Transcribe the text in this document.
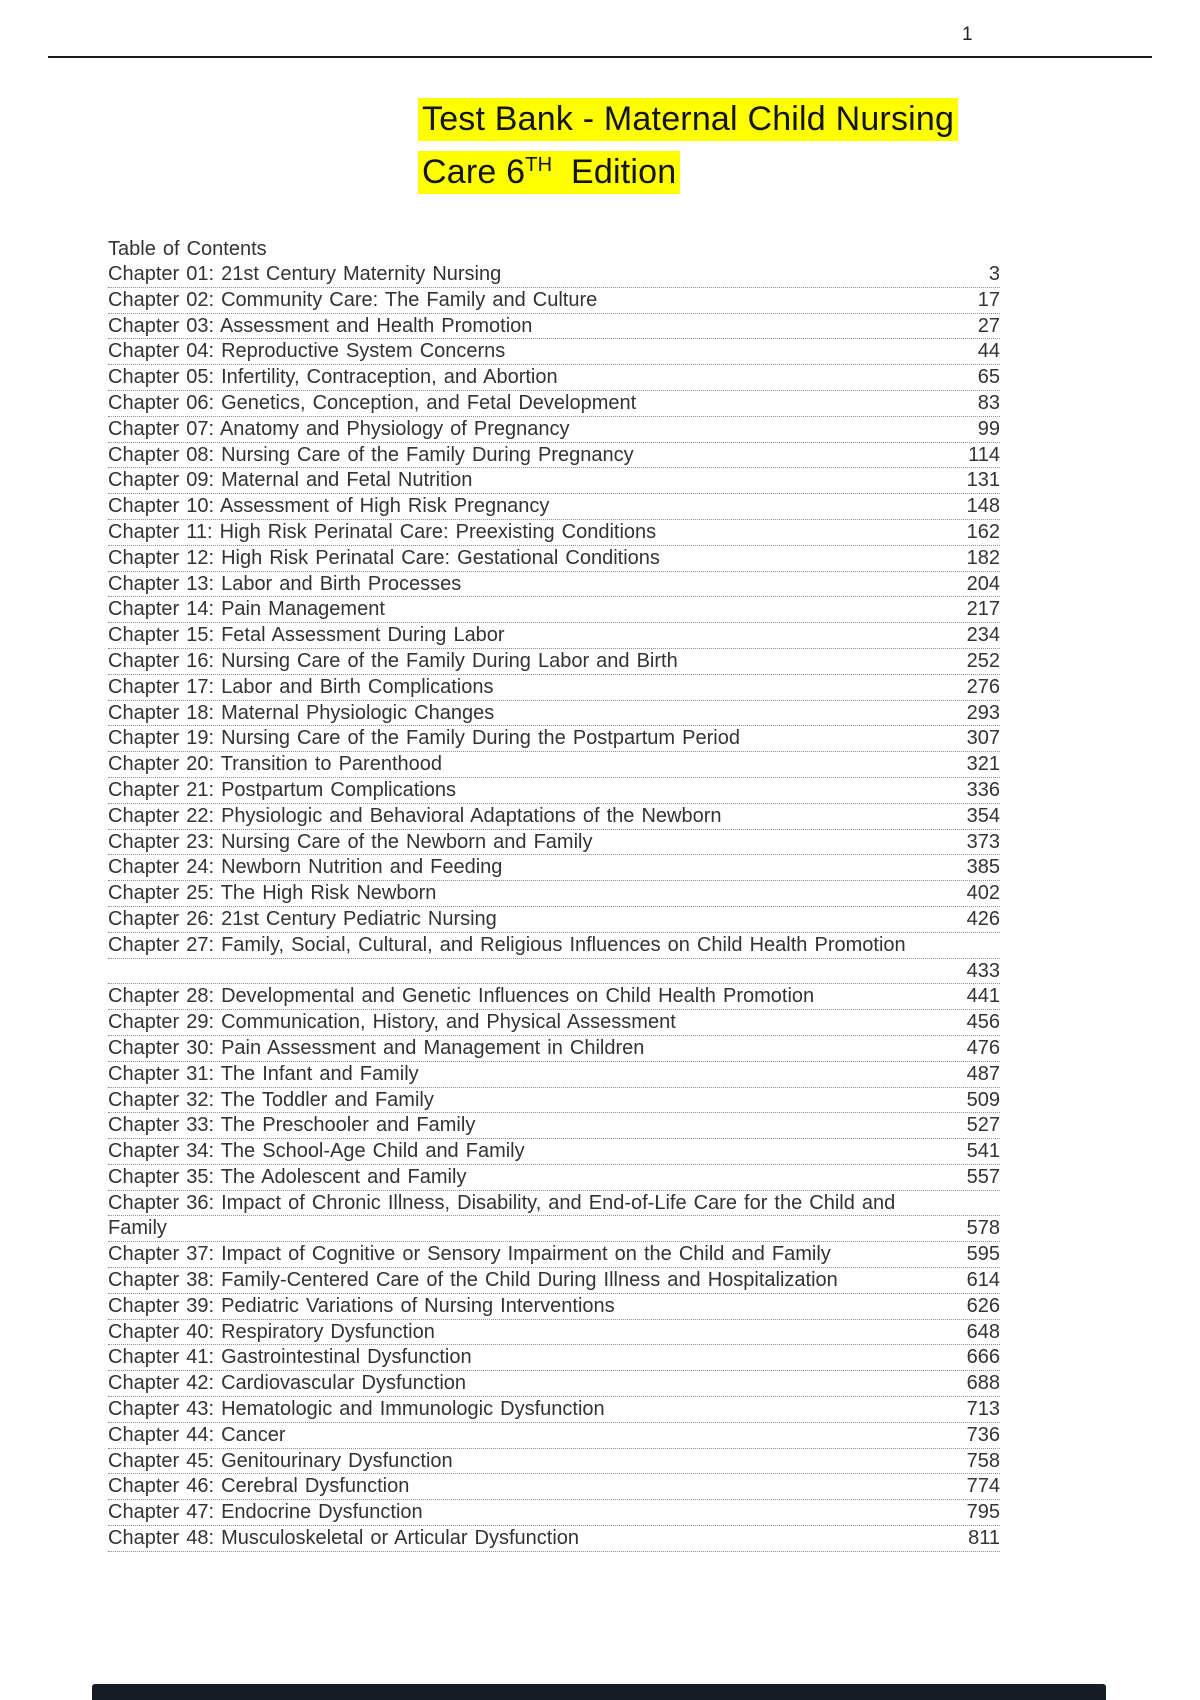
1
Test Bank - Maternal Child Nursing
Care 6TH Edition
Table of Contents
Chapter 01: 21st Century Maternity Nursing	3
Chapter 02: Community Care: The Family and Culture	17
Chapter 03: Assessment and Health Promotion	27
Chapter 04: Reproductive System Concerns	44
Chapter 05: Infertility, Contraception, and Abortion	65
Chapter 06: Genetics, Conception, and Fetal Development	83
Chapter 07: Anatomy and Physiology of Pregnancy	99
Chapter 08: Nursing Care of the Family During Pregnancy	114
Chapter 09: Maternal and Fetal Nutrition	131
Chapter 10: Assessment of High Risk Pregnancy	148
Chapter 11: High Risk Perinatal Care: Preexisting Conditions	162
Chapter 12: High Risk Perinatal Care: Gestational Conditions	182
Chapter 13: Labor and Birth Processes	204
Chapter 14: Pain Management	217
Chapter 15: Fetal Assessment During Labor	234
Chapter 16: Nursing Care of the Family During Labor and Birth	252
Chapter 17: Labor and Birth Complications	276
Chapter 18: Maternal Physiologic Changes	293
Chapter 19: Nursing Care of the Family During the Postpartum Period	307
Chapter 20: Transition to Parenthood	321
Chapter 21: Postpartum Complications	336
Chapter 22: Physiologic and Behavioral Adaptations of the Newborn	354
Chapter 23: Nursing Care of the Newborn and Family	373
Chapter 24: Newborn Nutrition and Feeding	385
Chapter 25: The High Risk Newborn	402
Chapter 26: 21st Century Pediatric Nursing	426
Chapter 27: Family, Social, Cultural, and Religious Influences on Child Health Promotion
433
Chapter 28: Developmental and Genetic Influences on Child Health Promotion	441
Chapter 29: Communication, History, and Physical Assessment	456
Chapter 30: Pain Assessment and Management in Children	476
Chapter 31: The Infant and Family	487
Chapter 32: The Toddler and Family	509
Chapter 33: The Preschooler and Family	527
Chapter 34: The School-Age Child and Family	541
Chapter 35: The Adolescent and Family	557
Chapter 36: Impact of Chronic Illness, Disability, and End-of-Life Care for the Child and
Family	578
Chapter 37: Impact of Cognitive or Sensory Impairment on the Child and Family	595
Chapter 38: Family-Centered Care of the Child During Illness and Hospitalization	614
Chapter 39: Pediatric Variations of Nursing Interventions	626
Chapter 40: Respiratory Dysfunction	648
Chapter 41: Gastrointestinal Dysfunction	666
Chapter 42: Cardiovascular Dysfunction	688
Chapter 43: Hematologic and Immunologic Dysfunction	713
Chapter 44: Cancer	736
Chapter 45: Genitourinary Dysfunction	758
Chapter 46: Cerebral Dysfunction	774
Chapter 47: Endocrine Dysfunction	795
Chapter 48: Musculoskeletal or Articular Dysfunction	811
